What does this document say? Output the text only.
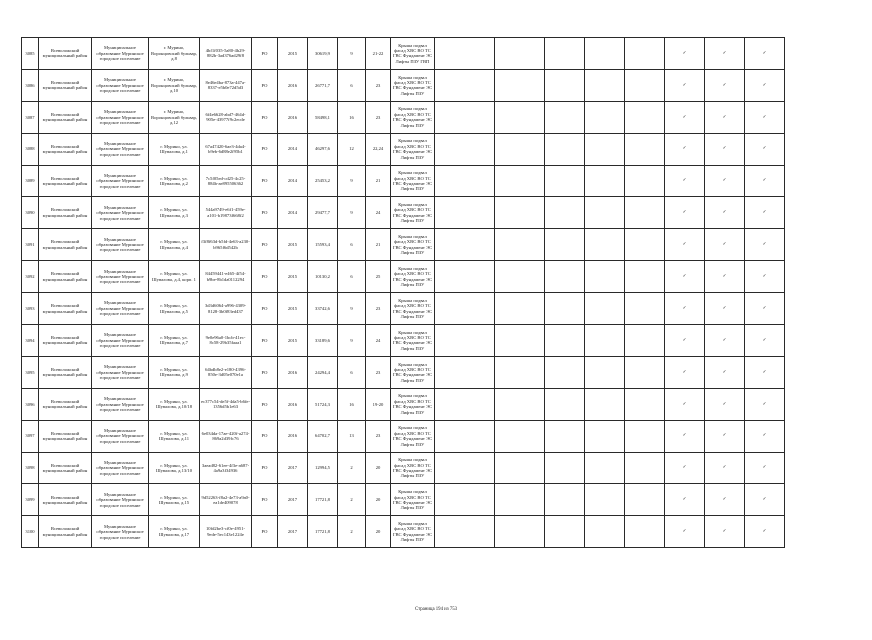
3085	Всеволожский муниципальный район	Муниципальное образование Муринское городское поселение	г. Мурино, Воронцовский бульвар, д.8	4bf1f035-5a80-4b29-882b-3ad376ad29f8	РО	2015	30619,9	9	21-22	Крыша подвал фасад ХВС ВО ТС ГВС Фундамент ЭС Лифты ПЗУ ГВП						✓	✓	✓
3086	Всеволожский муниципальный район	Муниципальное образование Муринское городское поселение	г. Мурино, Воронцовский бульвар, д.10	8e46e4ba-873a-447a-8337-e5b0e72d5d3	РО	2016	26771,7	6	23	Крыша подвал фасад ХВС ВО ТС ГВС Фундамент ЭС Лифты ПЗУ						✓	✓	✓
3087	Всеволожский муниципальный район	Муниципальное образование Муринское городское поселение	г. Мурино, Воронцовский бульвар, д.12	6f4e6628-abd7-464d-905e-43977f9c2ecde	РО	2016	58498,1	16	23	Крыша подвал фасад ХВС ВО ТС ГВС Фундамент ЭС Лифты ПЗУ						✓	✓	✓
3088	Всеволожский муниципальный район	Муниципальное образование Муринское городское поселение	г. Мурино, ул. Шувалова, д.1	67a47420-6ae3-4da4-b9eb-6d88e2f95b1	РО	2014	46297,6	12	22,24	Крыша подвал фасад ХВС ВО ТС ГВС Фундамент ЭС Лифты ПЗУ						✓	✓	✓
3089	Всеволожский муниципальный район	Муниципальное образование Муринское городское поселение	г. Мурино, ул. Шувалова, д.2	7c5f05ed-cd25-4c25-884b-ae895506362	РО	2014	25453,2	9	21	Крыша подвал фасад ХВС ВО ТС ГВС Фундамент ЭС Лифты ПЗУ						✓	✓	✓
3090	Всеволожский муниципальный район	Муниципальное образование Муринское городское поселение	г. Мурино, ул. Шувалова, д.3	544a9749-e6f1-459e-a101-b19873f668f2	РО	2014	29477,7	9	24	Крыша подвал фасад ХВС ВО ТС ГВС Фундамент ЭС Лифты ПЗУ						✓	✓	✓
3091	Всеволожский муниципальный район	Муниципальное образование Муринское городское поселение	г. Мурино, ул. Шувалова, д.4	f3f8f63d-b5fd-4e63-a230-b965f6d542b	РО	2015	15593,4	6	21	Крыша подвал фасад ХВС ВО ТС ГВС Фундамент ЭС Лифты ПЗУ						✓	✓	✓
3092	Всеволожский муниципальный район	Муниципальное образование Муринское городское поселение	г. Мурино, ул. Шувалова, д.4, корп. 1	84459441-e465-4f54-b9be-8b1da0112294	РО	2015	10130,2	6	25	Крыша подвал фасад ХВС ВО ТС ГВС Фундамент ЭС Лифты ПЗУ						✓	✓	✓
3093	Всеволожский муниципальный район	Муниципальное образование Муринское городское поселение	г. Мурино, ул. Шувалова, д.5	3d3d6064-a996-4309-8128-3b0f83ed437	РО	2015	33742,6	9	23	Крыша подвал фасад ХВС ВО ТС ГВС Фундамент ЭС Лифты ПЗУ						✓	✓	✓
3094	Всеволожский муниципальный район	Муниципальное образование Муринское городское поселение	г. Мурино, ул. Шувалова, д.7	9e0e96a0-1bcb-41ec-8c58-29b35faaa1	РО	2015	33189,6	9	24	Крыша подвал фасад ХВС ВО ТС ГВС Фундамент ЭС Лифты ПЗУ						✓	✓	✓
3095	Всеволожский муниципальный район	Муниципальное образование Муринское городское поселение	г. Мурино, ул. Шувалова, д.9	64bdb8e2-e180-4396-850e-3d05e070e1a	РО	2016	24294,4	6	23	Крыша подвал фасад ХВС ВО ТС ГВС Фундамент ЭС Лифты ПЗУ						✓	✓	✓
3096	Всеволожский муниципальный район	Муниципальное образование Муринское городское поселение	г. Мурино, ул. Шувалова, д.10/18	ec377c54-de5f-4da5-b6fe-1356d5b1e63	РО	2016	51724,3	16	19-20	Крыша подвал фасад ХВС ВО ТС ГВС Фундамент ЭС Лифты ПЗУ						✓	✓	✓
3097	Всеволожский муниципальный район	Муниципальное образование Муринское городское поселение	г. Мурино, ул. Шувалова, д.11	6e034da-17ae-420f-a274-869a2d39fc76	РО	2016	64702,7	13	23	Крыша подвал фасад ХВС ВО ТС ГВС Фундамент ЭС Лифты ПЗУ						✓	✓	✓
3098	Всеволожский муниципальный район	Муниципальное образование Муринское городское поселение	г. Мурино, ул. Шувалова, д.13/10	3aead82-61ee-4f3e-a687-4a9a3f34936	РО	2017	12994,5	2	20	Крыша подвал фасад ХВС ВО ТС ГВС Фундамент ЭС Лифты ПЗУ						✓	✓	✓
3099	Всеволожский муниципальный район	Муниципальное образование Муринское городское поселение	г. Мурино, ул. Шувалова, д.15	9d52263-f8a2-4e73-a9a0-ea1de409078	РО	2017	17721,8	2	20	Крыша подвал фасад ХВС ВО ТС ГВС Фундамент ЭС Лифты ПЗУ						✓	✓	✓
3100	Всеволожский муниципальный район	Муниципальное образование Муринское городское поселение	г. Мурино, ул. Шувалова, д.17	10fd2be3-cf0e-4951-9ede-5ec143e1224e	РО	2017	17721,8	2	20	Крыша подвал фасад ХВС ВО ТС ГВС Фундамент ЭС Лифты ПЗУ						✓	✓	✓
Страница 194 из 753
